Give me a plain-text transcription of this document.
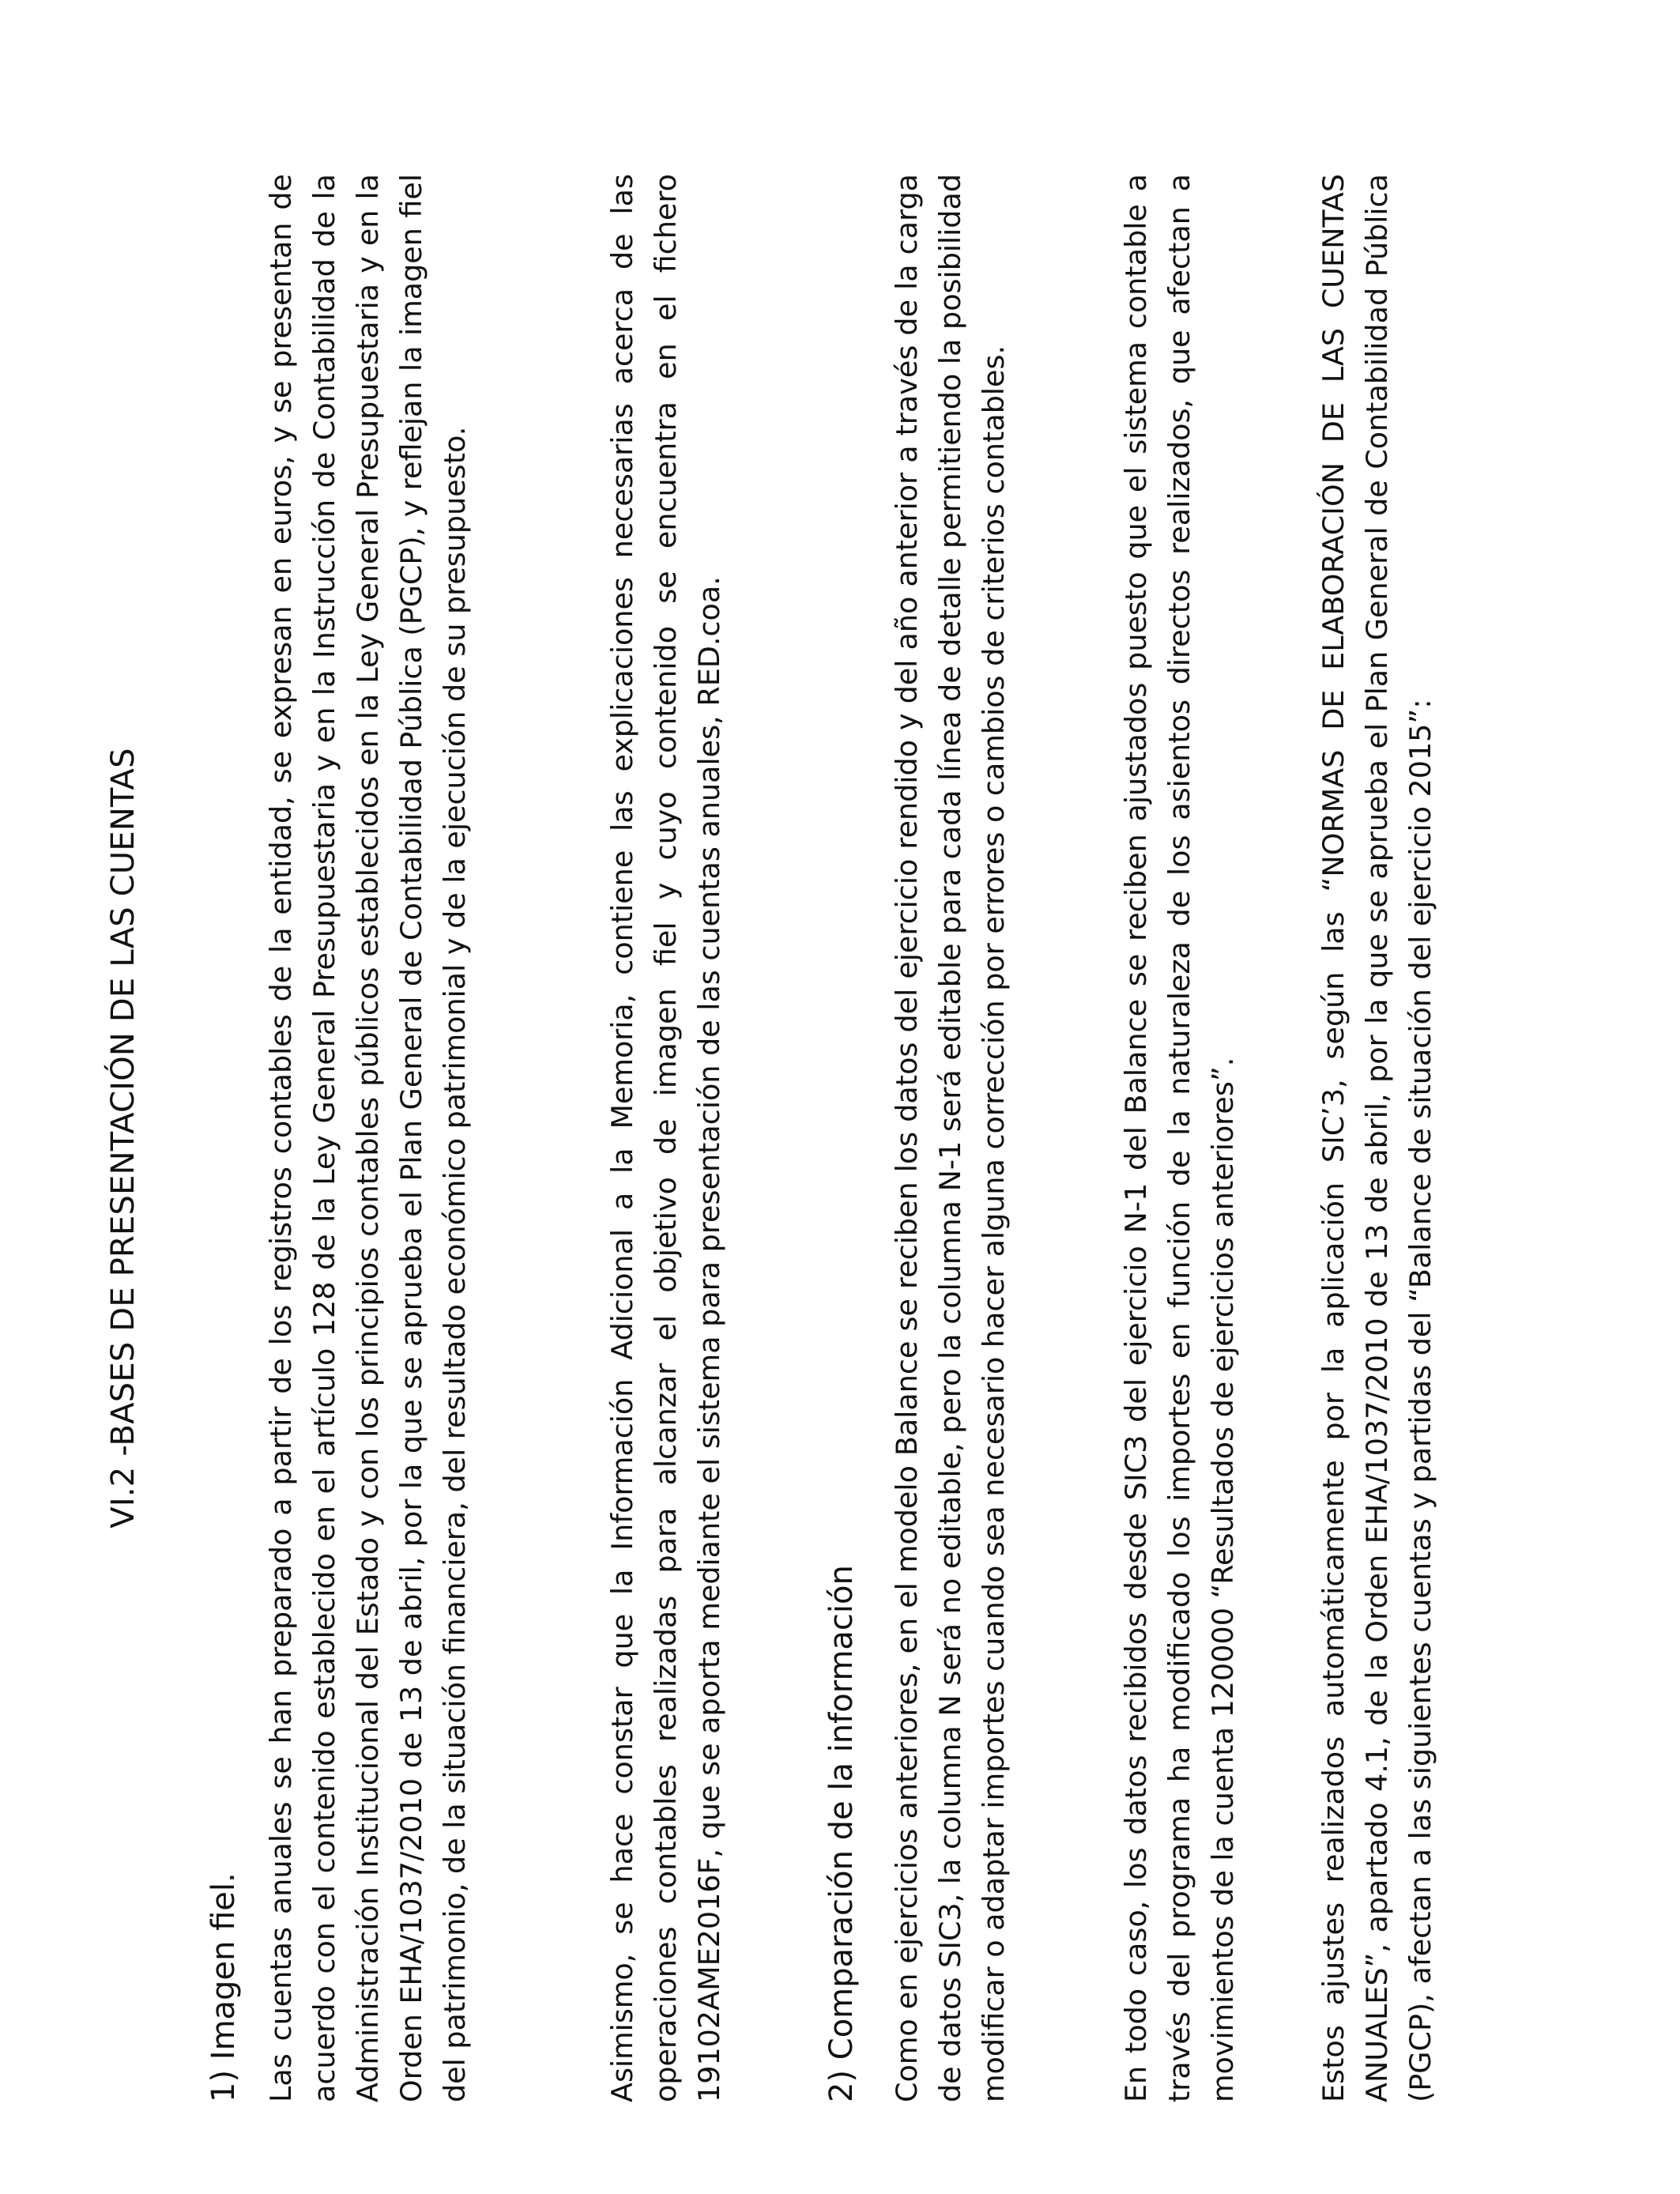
VI.2 -BASES DE PRESENTACIÓN DE LAS CUENTAS
1) Imagen fiel. Las cuentas anuales se han preparado a partir de los registros contables de la entidad, se expresan en euros, y se presentan de acuerdo con el contenido establecido en el artículo 128 de la Ley General Presupuestaria y en la Instrucción de Contabilidad de la Administración Institucional del Estado y con los principios contables públicos establecidos en la Ley General Presupuestaria y en la Orden EHA/1037/2010 de 13 de abril, por la que se aprueba el Plan General de Contabilidad Pública (PGCP), y reflejan la imagen fiel del patrimonio, de la situación financiera, del resultado económico patrimonial y de la ejecución de su presupuesto.	Asimismo, se hace constar que la Información Adicional a la Memoria, contiene las explicaciones necesarias acerca de las operaciones contables realizadas para alcanzar el objetivo de imagen fiel y cuyo contenido se encuentra en el fichero 19102AME2016F, que se aporta mediante el sistema para presentación de las cuentas anuales, RED.coa.	2) Comparación de la información Como en ejercicios anteriores, en el modelo Balance se reciben los datos del ejercicio rendido y del año anterior a través de la carga de datos SIC3, la columna N será no editable, pero la columna N-1 será editable para cada línea de detalle permitiendo la posibilidad modificar o adaptar importes cuando sea necesario hacer alguna corrección por errores o cambios de criterios contables.	En todo caso, los datos recibidos desde SIC3 del ejercicio N-1 del Balance se reciben ajustados puesto que el sistema contable a través del programa ha modificado los importes en función de la naturaleza de los asientos directos realizados, que afectan a movimientos de la cuenta 120000 “Resultados de ejercicios anteriores”.	Estos ajustes realizados automáticamente por la aplicación SIC’3, según las “NORMAS DE ELABORACIÓN DE LAS CUENTAS ANUALES”, apartado 4.1, de la Orden EHA/1037/2010 de 13 de abril, por la que se aprueba el Plan General de Contabilidad Pública (PGCP), afectan a las siguientes cuentas y partidas del “Balance de situación del ejercicio 2015”:
